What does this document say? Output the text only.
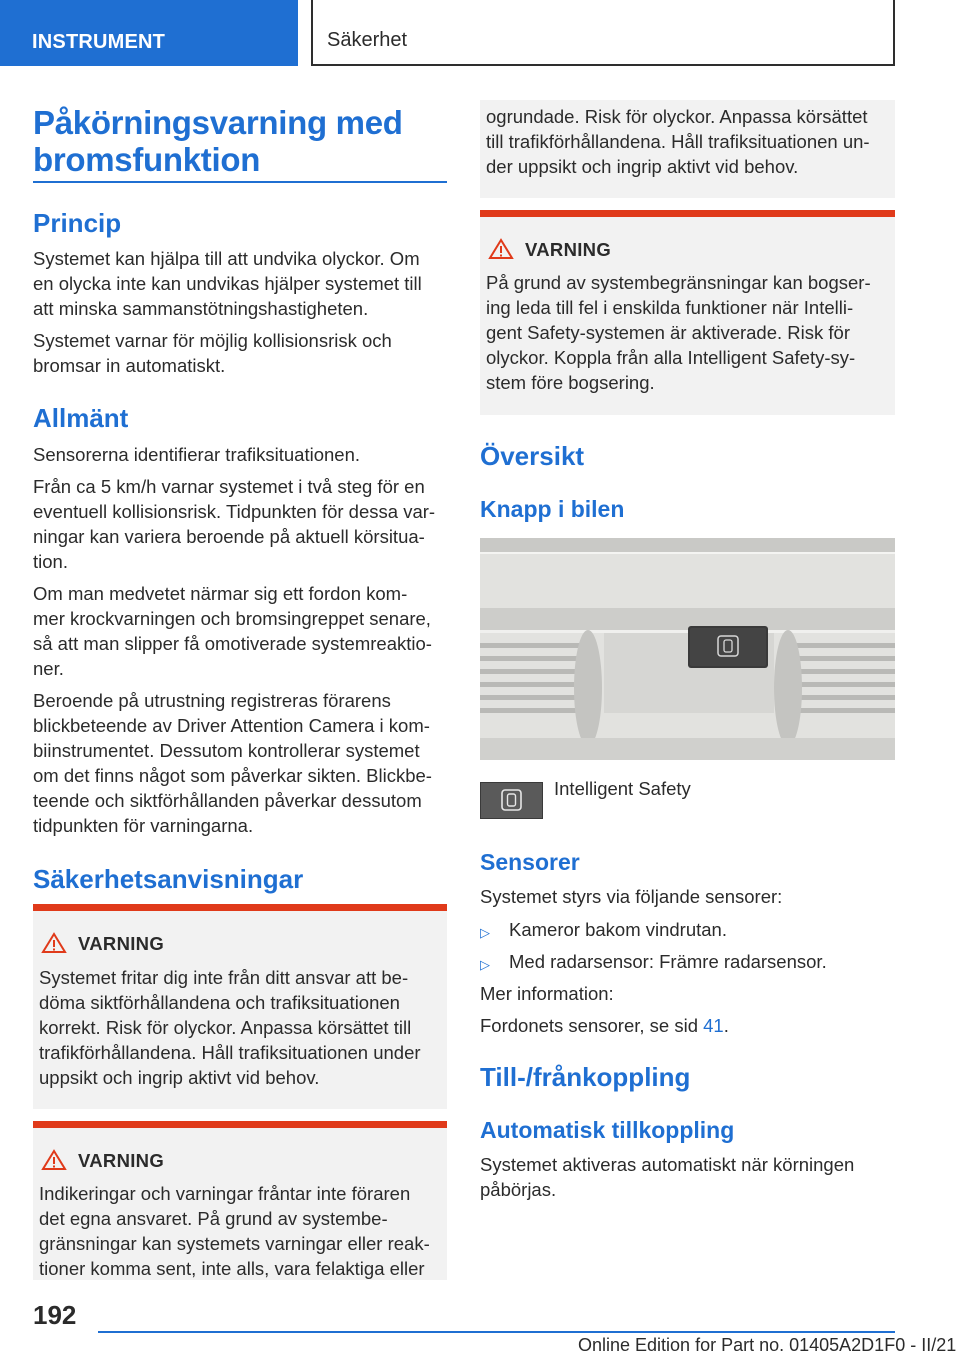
INSTRUMENT	Säkerhet
Påkörningsvarning med
bromsfunktion
Princip
Systemet kan hjälpa till att undvika olyckor. Om
en olycka inte kan undvikas hjälper systemet till
att minska sammanstötningshastigheten.
Systemet varnar för möjlig kollisionsrisk och
bromsar in automatiskt.
Allmänt
Sensorerna identifierar trafiksituationen.
Från ca 5 km/h varnar systemet i två steg för en
eventuell kollisionsrisk. Tidpunkten för dessa var‐
ningar kan variera beroende på aktuell körsitua‐
tion.
Om man medvetet närmar sig ett fordon kom‐
mer krockvarningen och bromsingreppet senare,
så att man slipper få omotiverade systemreaktio‐
ner.
Beroende på utrustning registreras förarens
blickbeteende av Driver Attention Camera i kom‐
biinstrumentet. Dessutom kontrollerar systemet
om det finns något som påverkar sikten. Blickbe‐
teende och siktförhållanden påverkar dessutom
tidpunkten för varningarna.
Säkerhetsanvisningar
VARNING
Systemet fritar dig inte från ditt ansvar att be‐
döma siktförhållandena och trafiksituationen
korrekt. Risk för olyckor. Anpassa körsättet till
trafikförhållandena. Håll trafiksituationen under
uppsikt och ingrip aktivt vid behov.
VARNING
Indikeringar och varningar fråntar inte föraren
det egna ansvaret. På grund av systembe‐
gränsningar kan systemets varningar eller reak‐
tioner komma sent, inte alls, vara felaktiga eller
ogrundade. Risk för olyckor. Anpassa körsättet
till trafikförhållandena. Håll trafiksituationen un‐
der uppsikt och ingrip aktivt vid behov.
VARNING
På grund av systembegränsningar kan bogser‐
ing leda till fel i enskilda funktioner när Intelli‐
gent Safety-systemen är aktiverade. Risk för
olyckor. Koppla från alla Intelligent Safety-sy‐
stem före bogsering.
Översikt
Knapp i bilen
Intelligent Safety
Sensorer
Systemet styrs via följande sensorer:
▷ Kameror bakom vindrutan.
▷ Med radarsensor: Främre radarsensor.
Mer information:
Fordonets sensorer, se sid 41.
Till-/frånkoppling
Automatisk tillkoppling
Systemet aktiveras automatiskt när körningen
påbörjas.
192
Online Edition for Part no. 01405A2D1F0 - II/21
